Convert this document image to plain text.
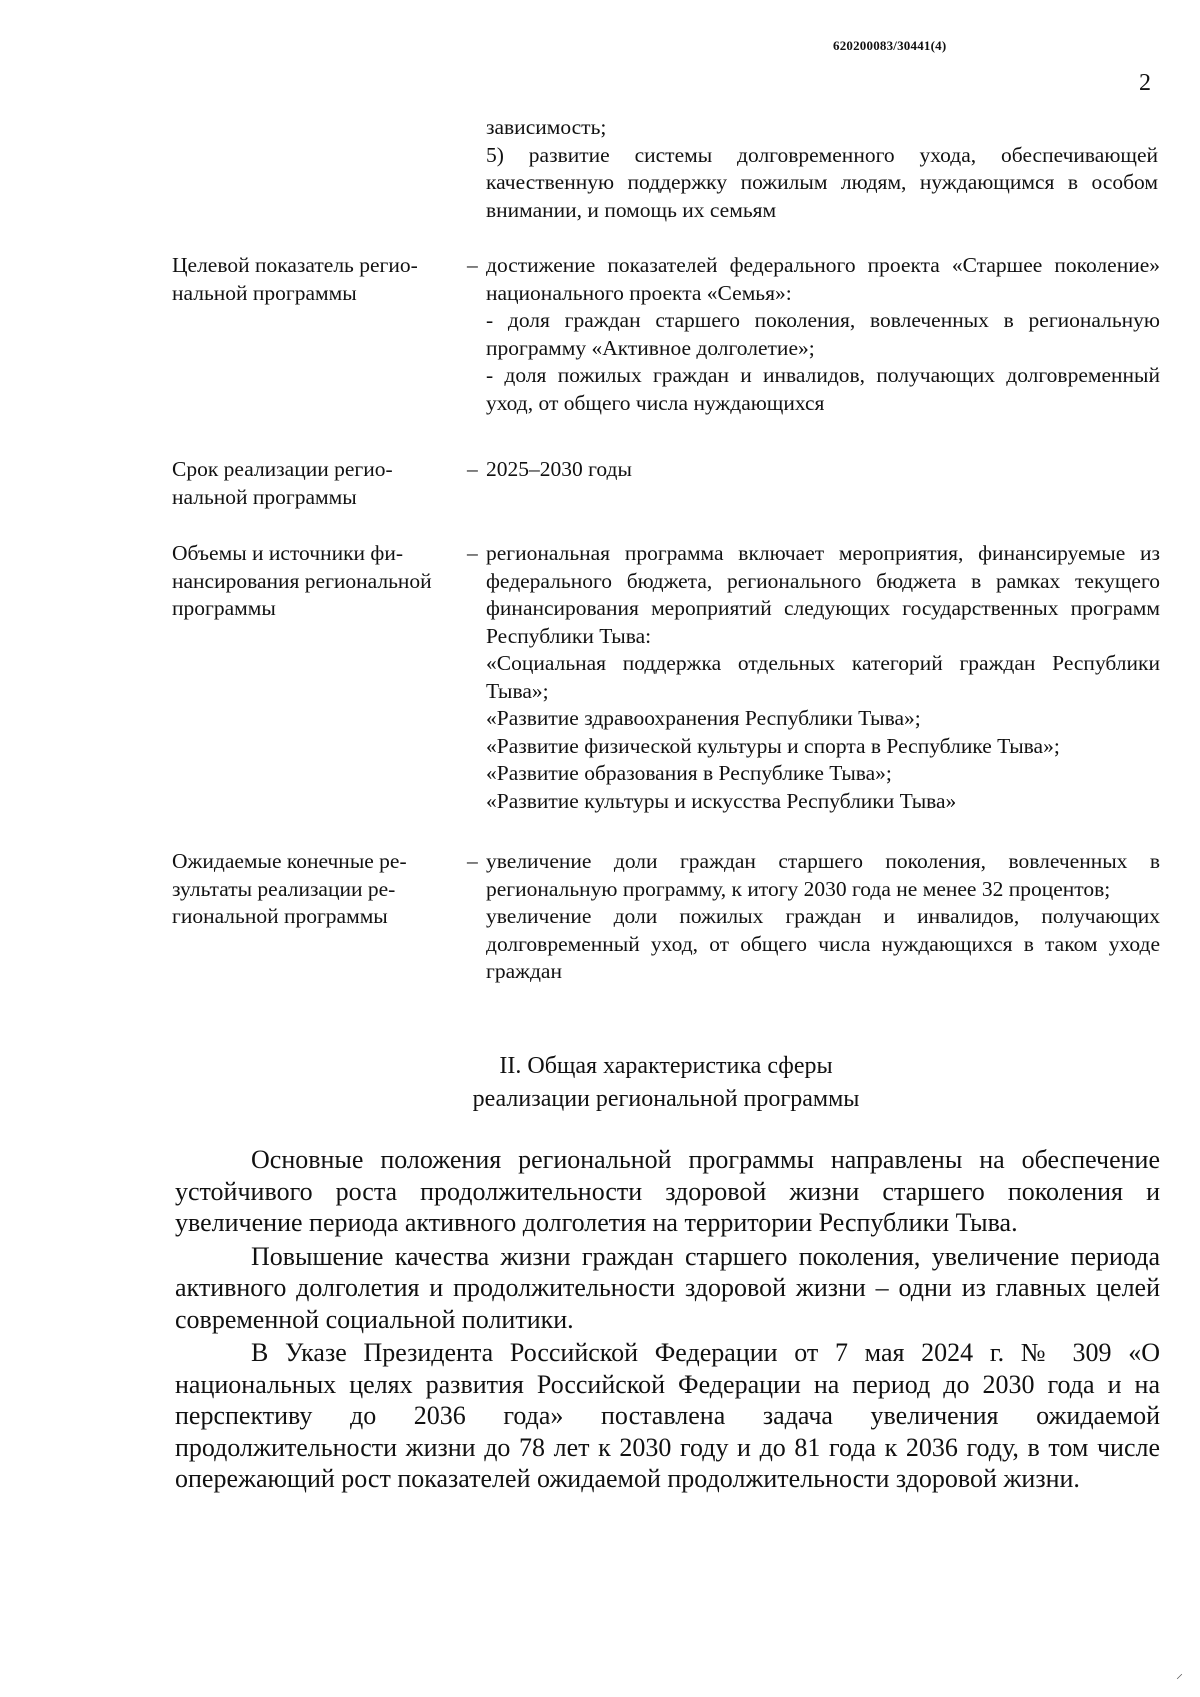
620200083/30441(4)
2

зависимость;

5) развитие системы долговременного ухода, обеспечивающей качественную поддержку пожилым людям, нуждающимся в особом внимании, и помощь их семьям

Целевой показатель региональной программы
– достижение показателей федерального проекта «Старшее поколение» национального проекта «Семья»:

- доля граждан старшего поколения, вовлеченных в региональную программу «Активное долголетие»;

- доля пожилых граждан и инвалидов, получающих долговременный уход, от общего числа нуждающихся

Срок реализации региональной программы
– 2025–2030 годы

Объемы и источники финансирования региональной программы
– региональная программа включает мероприятия, финансируемые из федерального бюджета, регионального бюджета в рамках текущего финансирования мероприятий следующих государственных программ Республики Тыва:

«Социальная поддержка отдельных категорий граждан Республики Тыва»;

«Развитие здравоохранения Республики Тыва»;

«Развитие физической культуры и спорта в Республике Тыва»;

«Развитие образования в Республике Тыва»;

«Развитие культуры и искусства Республики Тыва»

Ожидаемые конечные результаты реализации региональной программы
– увеличение доли граждан старшего поколения, вовлеченных в региональную программу, к итогу 2030 года не менее 32 процентов;

увеличение доли пожилых граждан и инвалидов, получающих долговременный уход, от общего числа нуждающихся в таком уходе граждан

II. Общая характеристика сферы
реализации региональной программы

Основные положения региональной программы направлены на обеспечение устойчивого роста продолжительности здоровой жизни старшего поколения и увеличение периода активного долголетия на территории Республики Тыва.

Повышение качества жизни граждан старшего поколения, увеличение периода активного долголетия и продолжительности здоровой жизни – одни из главных целей современной социальной политики.

В Указе Президента Российской Федерации от 7 мая 2024 г. № 309 «О национальных целях развития Российской Федерации на период до 2030 года и на перспективу до 2036 года» поставлена задача увеличения ожидаемой продолжительности жизни до 78 лет к 2030 году и до 81 года к 2036 году, в том числе опережающий рост показателей ожидаемой продолжительности здоровой жизни.

⸝
